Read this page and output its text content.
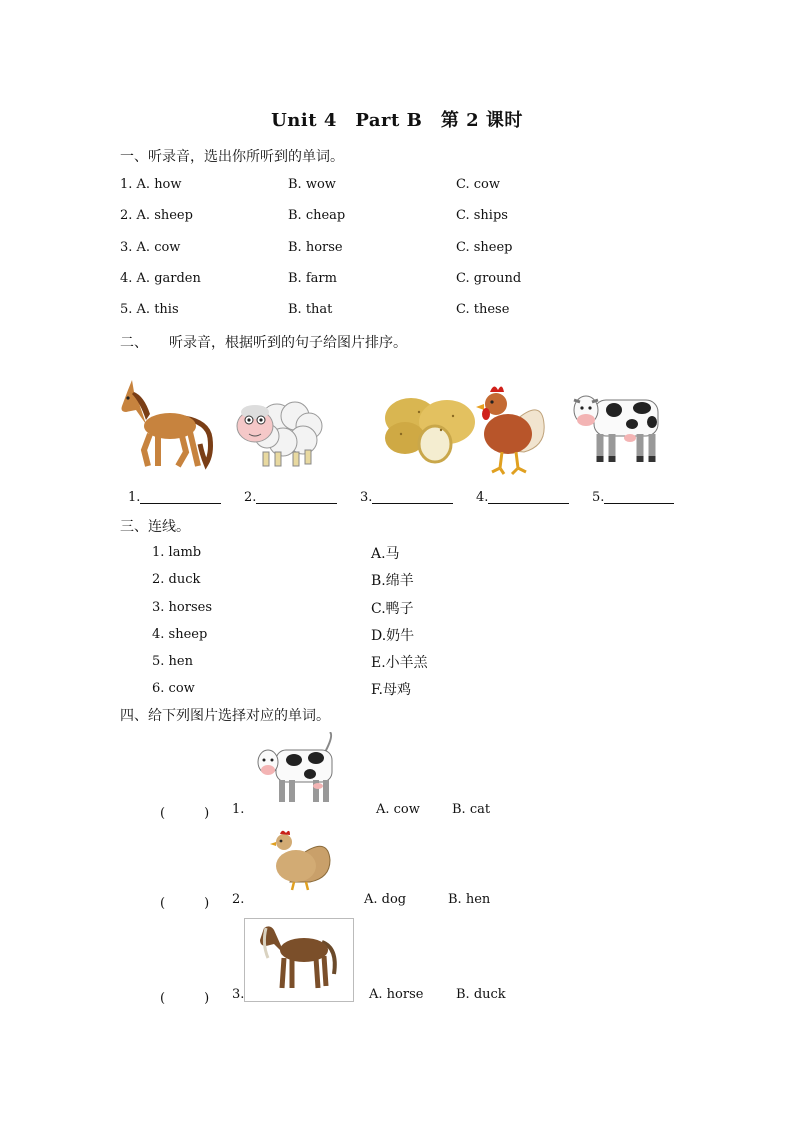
Unit 4　Part B　第 2 课时
一、听录音，选出你所听到的单词。
1. A. how	B. wow	C. cow
2. A. sheep	B. cheap	C. ships
3. A. cow	B. horse	C. sheep
4. A. garden	B. farm	C. ground
5. A. this	B. that	C. these
二、　　听录音，根据听到的句子给图片排序。
1.	2.	3.	4.	5.
三、连线。
1. lamb
2. duck
3. horses
4. sheep
5. hen
6. cow
A.马
B.绵羊
C.鸭子
D.奶牛
E.小羊羔
F.母鸡
四、给下列图片选择对应的单词。
(　　　) 1.	A. cow B. cat
(　　　) 2.	A. dog	B. hen
(　　　) 3.	A. horse	B. duck
